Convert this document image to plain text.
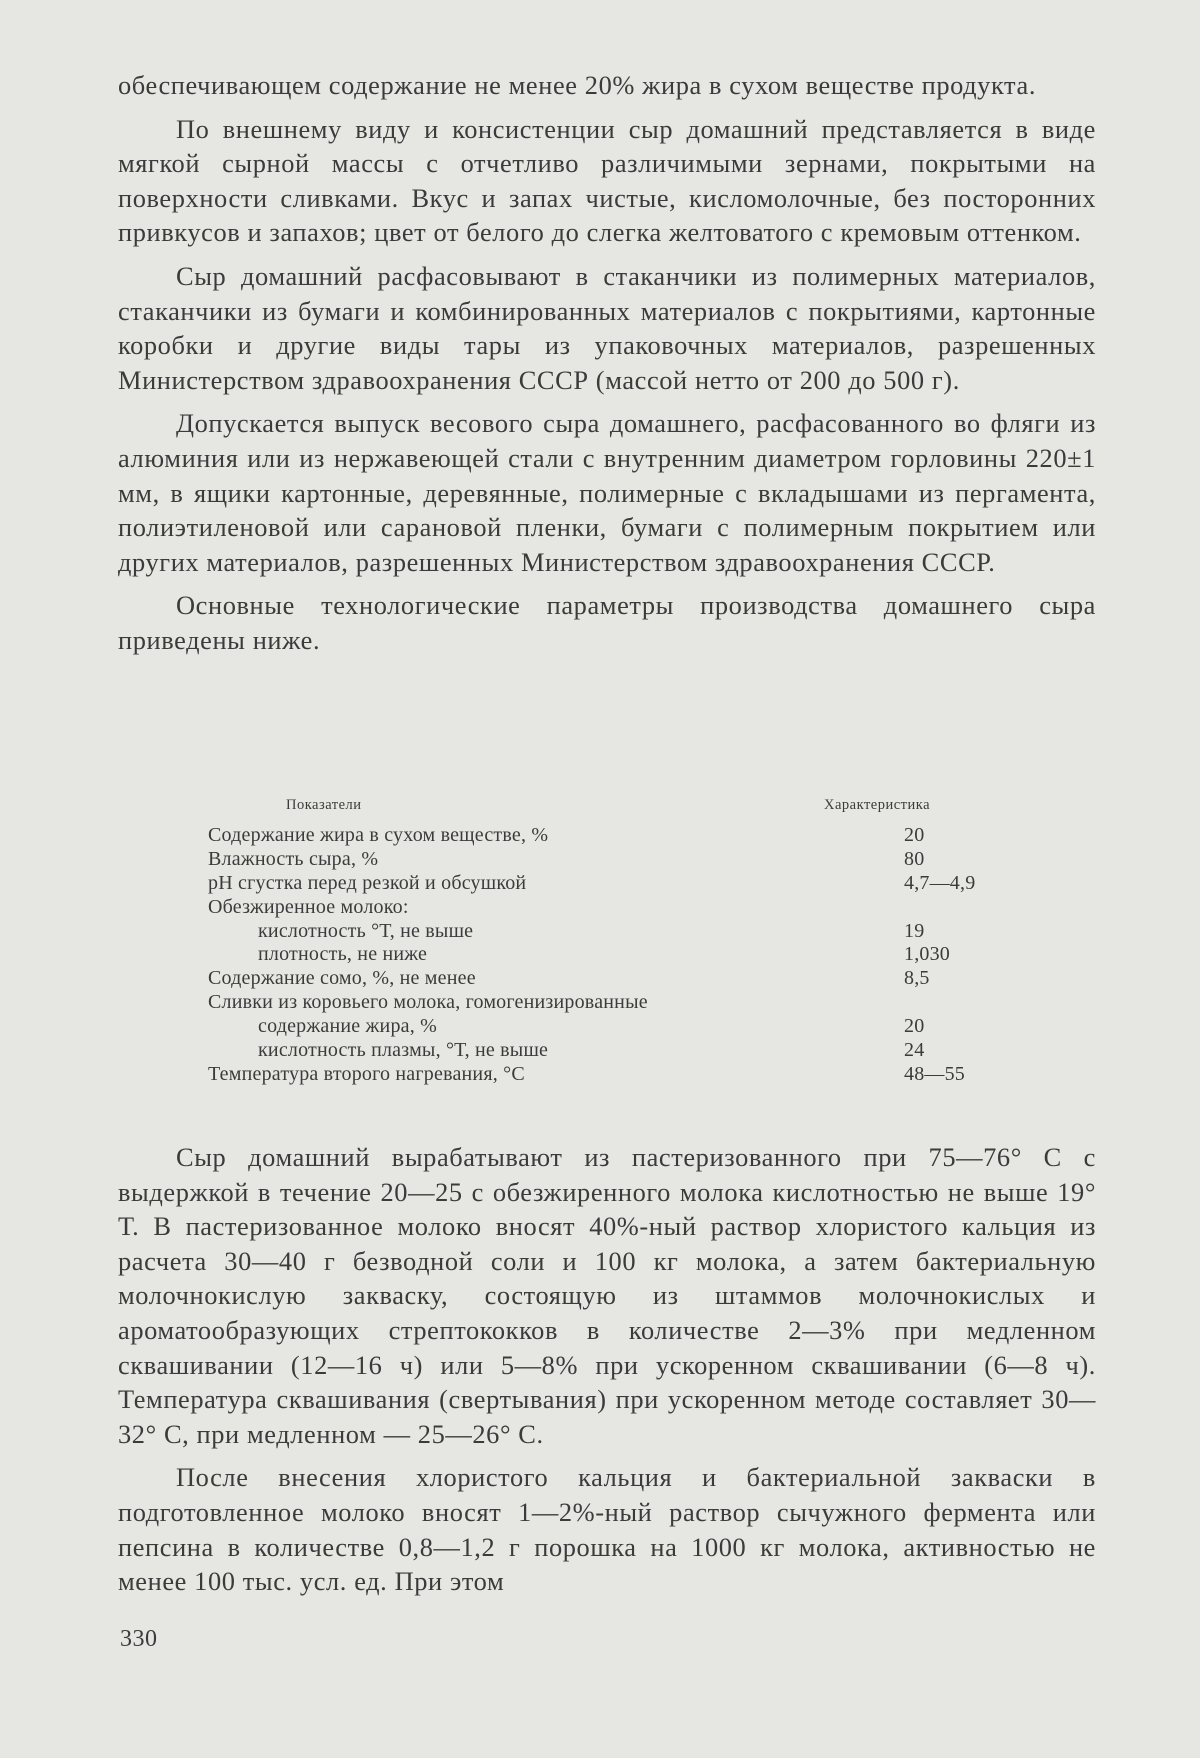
обеспечивающем содержание не менее 20% жира в сухом веществе продукта.

По внешнему виду и консистенции сыр домашний представляется в виде мягкой сырной массы с отчетливо различимыми зернами, покрытыми на поверхности сливками. Вкус и запах чистые, кисломолочные, без посторонних привкусов и запахов; цвет от белого до слегка желтоватого с кремовым оттенком.

Сыр домашний расфасовывают в стаканчики из полимерных материалов, стаканчики из бумаги и комбинированных материалов с покрытиями, картонные коробки и другие виды тары из упаковочных материалов, разрешенных Министерством здравоохранения СССР (массой нетто от 200 до 500 г).

Допускается выпуск весового сыра домашнего, расфасованного во фляги из алюминия или из нержавеющей стали с внутренним диаметром горловины 220±1 мм, в ящики картонные, деревянные, полимерные с вкладышами из пергамента, полиэтиленовой или сарановой пленки, бумаги с полимерным покрытием или других материалов, разрешенных Министерством здравоохранения СССР.

Основные технологические параметры производства домашнего сыра приведены ниже.

Показатели	Характеристика
Содержание жира в сухом веществе, %	20
Влажность сыра, %	80
pH сгустка перед резкой и обсушкой	4,7—4,9
Обезжиренное молоко:
кислотность °Т, не выше	19
плотность, не ниже	1,030
Содержание сомо, %, не менее	8,5
Сливки из коровьего молока, гомогенизированные
содержание жира, %	20
кислотность плазмы, °Т, не выше	24
Температура второго нагревания, °С	48—55

Сыр домашний вырабатывают из пастеризованного при 75—76° С с выдержкой в течение 20—25 с обезжиренного молока кислотностью не выше 19° Т. В пастеризованное молоко вносят 40%-ный раствор хлористого кальция из расчета 30—40 г безводной соли и 100 кг молока, а затем бактериальную молочнокислую закваску, состоящую из штаммов молочнокислых и ароматообразующих стрептококков в количестве 2—3% при медленном сквашивании (12—16 ч) или 5—8% при ускоренном сквашивании (6—8 ч). Температура сквашивания (свертывания) при ускоренном методе составляет 30—32° С, при медленном — 25—26° С.

После внесения хлористого кальция и бактериальной закваски в подготовленное молоко вносят 1—2%-ный раствор сычужного фермента или пепсина в количестве 0,8—1,2 г порошка на 1000 кг молока, активностью не менее 100 тыс. усл. ед. При этом

330
